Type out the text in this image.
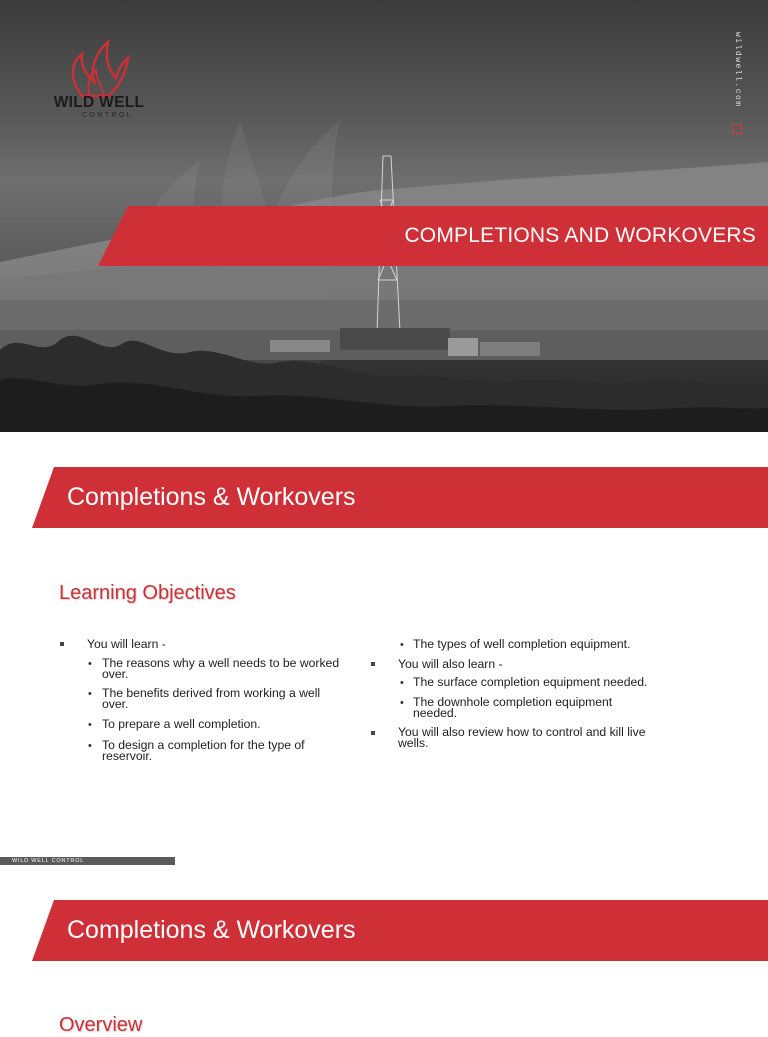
WILD WELL
CONTROL
wildwell.com
COMPLETIONS AND WORKOVERS
Completions & Workovers
Learning Objectives
You will learn -
• The reasons why a well needs to be worked
over.
• The benefits derived from working a well
over.
• To prepare a well completion.
• To design a completion for the type of
reservoir.
• The types of well completion equipment.
You will also learn -
• The surface completion equipment needed.
• The downhole completion equipment
needed.
You will also review how to control and kill live
wells.
WILD WELL CONTROL
Completions & Workovers
Overview
